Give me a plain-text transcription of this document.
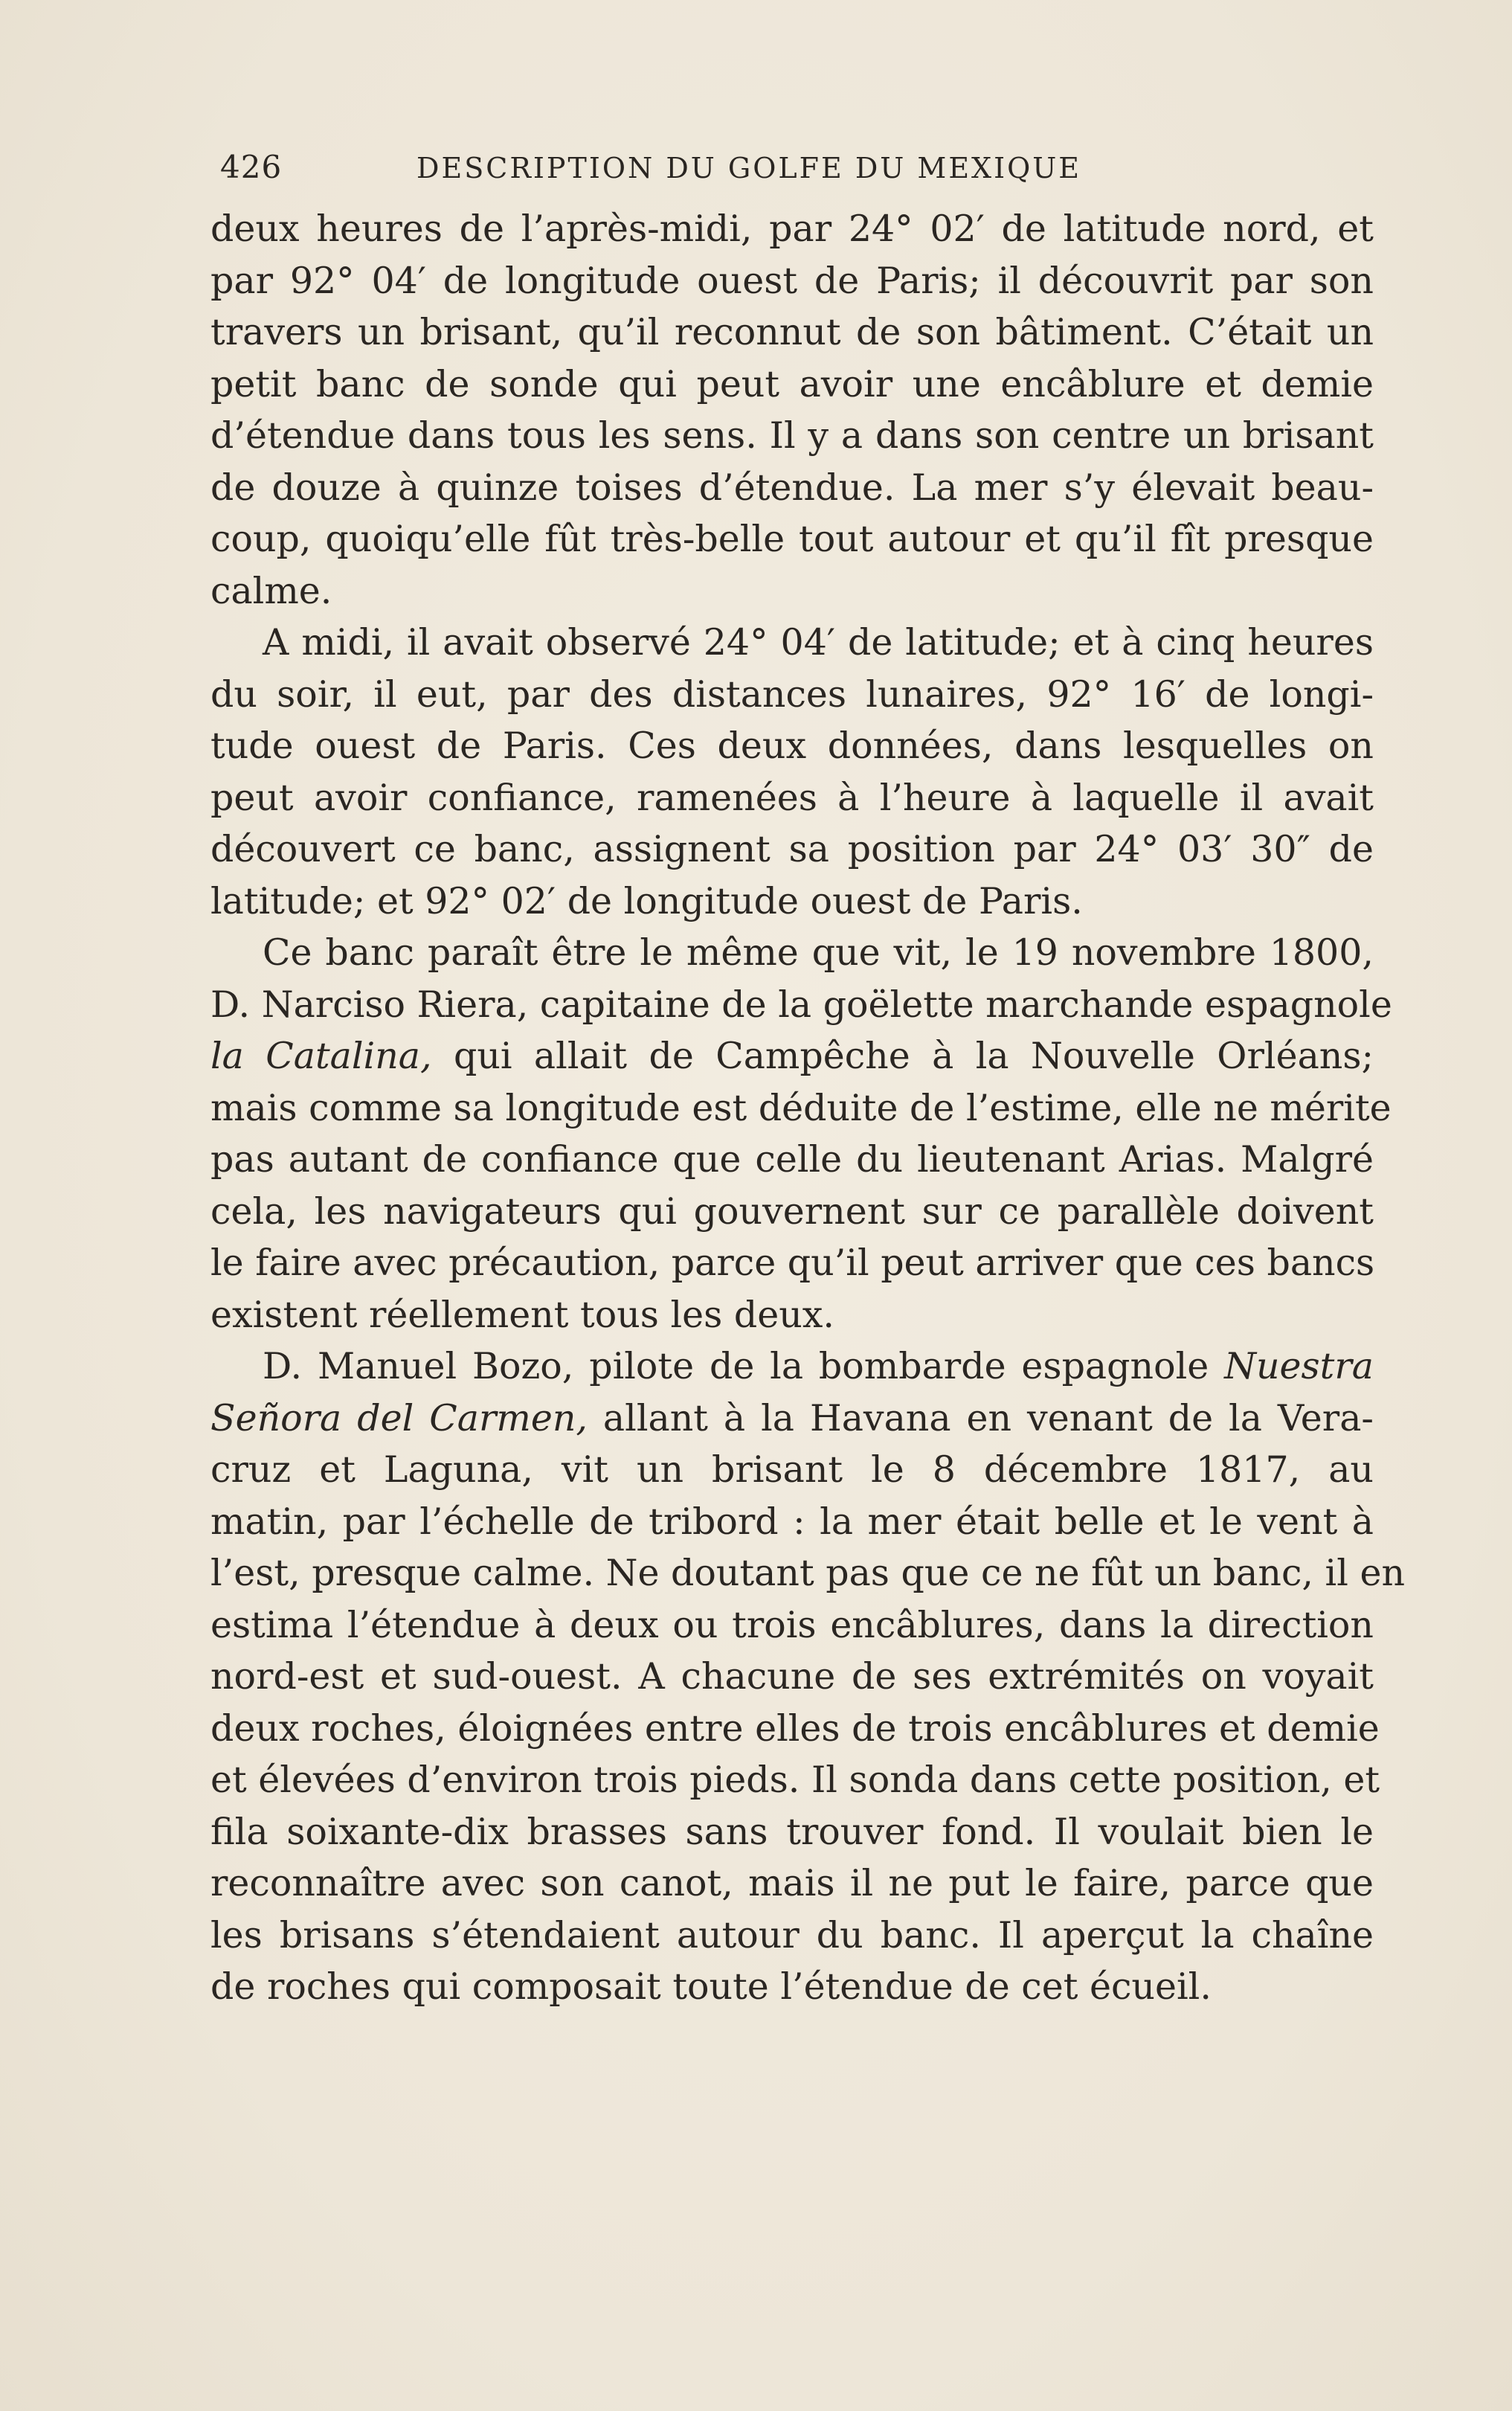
426	DESCRIPTION DU GOLFE DU MEXIQUE
deux heures de l’après-midi, par 24° 02′ de latitude nord, et
par 92° 04′ de longitude ouest de Paris; il découvrit par son
travers un brisant, qu’il reconnut de son bâtiment. C’était un
petit banc de sonde qui peut avoir une encâblure et demie
d’étendue dans tous les sens. Il y a dans son centre un brisant
de douze à quinze toises d’étendue. La mer s’y élevait beau-
coup, quoiqu’elle fût très-belle tout autour et qu’il fît presque
calme.
A midi, il avait observé 24° 04′ de latitude; et à cinq heures
du soir, il eut, par des distances lunaires, 92° 16′ de longi-
tude ouest de Paris. Ces deux données, dans lesquelles on
peut avoir confiance, ramenées à l’heure à laquelle il avait
découvert ce banc, assignent sa position par 24° 03′ 30″ de
latitude; et 92° 02′ de longitude ouest de Paris.
Ce banc paraît être le même que vit, le 19 novembre 1800,
D. Narciso Riera, capitaine de la goëlette marchande espagnole
la Catalina, qui allait de Campêche à la Nouvelle Orléans;
mais comme sa longitude est déduite de l’estime, elle ne mérite
pas autant de confiance que celle du lieutenant Arias. Malgré
cela, les navigateurs qui gouvernent sur ce parallèle doivent
le faire avec précaution, parce qu’il peut arriver que ces bancs
existent réellement tous les deux.
D. Manuel Bozo, pilote de la bombarde espagnole Nuestra
Señora del Carmen, allant à la Havana en venant de la Vera-
cruz et Laguna, vit un brisant le 8 décembre 1817, au
matin, par l’échelle de tribord : la mer était belle et le vent à
l’est, presque calme. Ne doutant pas que ce ne fût un banc, il en
estima l’étendue à deux ou trois encâblures, dans la direction
nord-est et sud-ouest. A chacune de ses extrémités on voyait
deux roches, éloignées entre elles de trois encâblures et demie
et élevées d’environ trois pieds. Il sonda dans cette position, et
fila soixante-dix brasses sans trouver fond. Il voulait bien le
reconnaître avec son canot, mais il ne put le faire, parce que
les brisans s’étendaient autour du banc. Il aperçut la chaîne
de roches qui composait toute l’étendue de cet écueil.
